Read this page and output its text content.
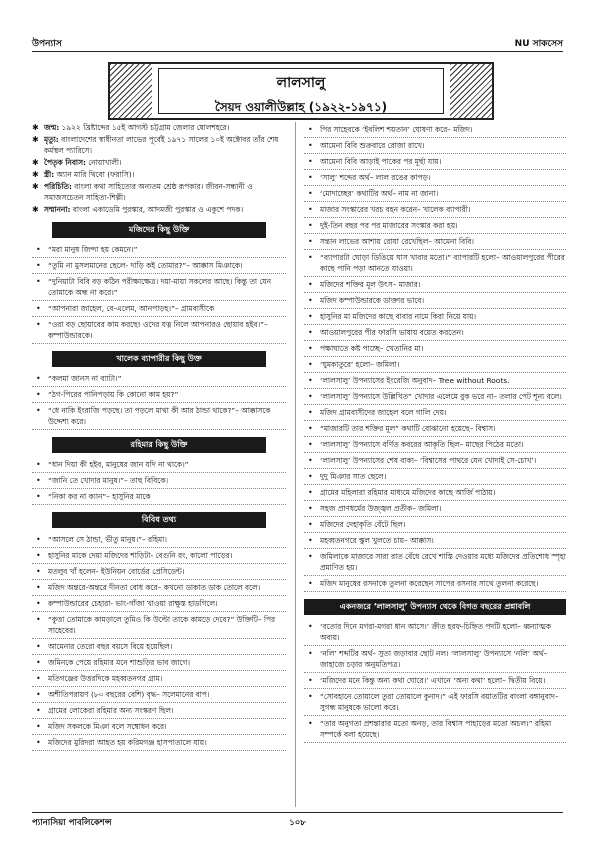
উপন্যাস	NU সাকসেস
লালসালু
সৈয়দ ওয়ালীউল্লাহ (১৯২২-১৯৭১)
✱ জন্ম: ১৯২২ খ্রিষ্টাব্দের ১৫ই আগস্ট চট্টগ্রাম জেলার ষোলশহরে।
✱ মৃত্যু: বাংলাদেশের স্বাধীনতা লাভের পূর্বেই ১৯৭১ সালের ১০ই অক্টোবর তাঁর শেষ কর্মস্থল প্যারিসে।
✱ পৈতৃক নিবাস: নোয়াখালী।
✱ স্ত্রী: অ্যান মারি থিবো (ফরাসি)।
✱ পরিচিতি: বাংলা কথা সাহিত্যের অন্যতম শ্রেষ্ঠ রূপকার। জীবন-সন্ধানী ও সমাজসচেতন সাহিত্য-শিল্পী।
✱ সম্মাননা: বাংলা একাডেমি পুরস্কার, আদমজী পুরস্কার ও একুশে পদক।
মজিদের কিছু উক্তি
• “মরা মানুষ জিন্দা হয় কেমনে।”
• “তুমি না মুসলমানের ছেলে- দাড়ি কই তোমার?”– আক্কাস মিঞাকে।
• “দুনিয়াটা বিবি বড় কঠিন পরীক্ষাক্ষেত্র। দয়া-মায়া সকলের আছে। কিন্তু তা যেন তোমাকে অন্ধ না করে।”
• “আপনারা জাহেল, বে-এলেম, আনপাড়হ।”– গ্রামবাসীকে
• “ওরা বড় ছোয়াবের কাম করছে! ওদের যত্ন নিলে আপনারও ছোয়াব হইব।”– কম্পাউন্ডারকে।
খালেক ব্যাপারীর কিছু উক্ত
• “কলমা জানস না ব্যাটা।”
• “ঠগ-পিরের পানিপড়ায় কি কোনো কাম হয়?”
• “ধে নাকি ইংরাজি পড়ছে। তা পড়লে মাথা কী আর ঠান্ডা থাকে?”– আক্কাসকে উদ্দেশ্য করে।
রহিমার কিছু উক্তি
• “ধান দিয়া কী হইব, মানুষের জান যদি না থাকে।”
• “জানি তে খোদার মানুষ।”– তাহু বিবিকে।
• “নিকা কর না ক্যান”– হাসুনির মাকে
বিবিধ তথ্য
• “আসলে সে ঠান্ডা, ভীতু মানুষ।”– রহিমা।
• হাসুনির মাকে দেয়া মজিদের শাড়িটা- বেগুনি রং, কালো পাড়ের।
• মতলুব খাঁ হলেন- ইউনিয়ন বোর্ডের প্রেসিডেন্ট।
• মজিদ অন্তরে-অন্তরে দীনতা বোধ করে– কখনো ডাকাত ডাক তোলে বলে।
• কম্পাউন্ডারের চেহারা- ভাং-গাঁজা খাওয়া রাক্ষুস্ত হাডগিলে।
• “কুত্তা তোমাকে কামড়ালে তুমিও কি উল্টো তাকে কামড়ে দেবে?” উক্তিটি– পির সাহেবের।
• আমেনার তেরো বছর বয়সে বিয়ে হয়েছিল।
• জমিনকে পেয়ে রহিমার মনে শাশুড়ির ভাব জাগে।
• মতিগঞ্জের উত্তরদিকে মহব্বতনগর গ্রাম।
• অশীতিপরায়ণ (৮০ বছরের বেশি) বৃদ্ধ– সলেমানের বাপ।
• গ্রামের লোকেরা রহিমার অন্য সংস্করণ ছিল।
• মজিদ সকলকে মিঞা বলে সম্বোধন করে।
• মজিদের মুরিদরা আহত হয় করিমগঞ্জ হাসপাতালে যায়।
• পির সাহেবকে ‘ইবলিশ শয়তান’ ঘোষণা করে– মজিদ।
• আমেনা বিবি শুক্রবারে রোজা রাখে।
• আমেনা বিবি আড়াই পাকের পর মূর্ছা যায়।
• ‘সালু’ শব্দের অর্থ– লাল রঙের কাপড়।
• ‘মোদাচ্ছের’ কথাটির অর্থ– নাম না জানা।
• মাজার সংস্কারের খরচ বহন করেন– খালেক ব্যাপারী।
• দুই-তিন বছর পর পর মাজারের সংস্কার করা হয়।
• সন্তান লাভের আশায় রোযা রেখেছিল– আমেনা বিবি।
• “ব্যাপারটা ঘোড়া ডিঙিয়ে ঘাস খাবার মতো।” ব্যাপারটি হলো– আওয়ালপুরের পীরের কাছে পানি পড়া আনতে যাওয়া।
• মজিদের শক্তির মূল উৎস– মাজার।
• মজিদ কম্পাউন্ডারকে ডাক্তার ভাবে।
• হাসুনির মা মজিদের কাছে বাবার নামে কিরা নিয়ে যায়।
• আওয়ালপুরের পীর ফারসি ভাষায় বয়েত করতেন।
• পক্ষাঘাতে কষ্ট পাচ্ছে– খেতানির মা।
• ‘ঘুমকাতুরে’ হলো– জমিলা।
• ‘লালসালু’ উপন্যাসের ইংরেজি অনুবাদ– Tree without Roots.
• ‘লালসালু’ উপন্যাসে উল্লিখিত” খোদার এলেমে বুক ভরে না– তলার পেট শূন্য বলে।
• মজিদ গ্রামবাসীদের জাহেল বলে গালি দেয়।
• “মাজারটি তার শক্তির মূল” কথাটি বোঝানো হয়েছে– বিশ্বাস।
• ‘লালসালু’ উপন্যাসে বর্ণিত কবরের আকৃতি ছিল– মাছের পিঠের মতো।
• ‘লালসালু’ উপন্যাসের শেষ বাক্য– ‘বিশ্বাসের পাথরে যেন খোদাই সে-চোখ’।
• দুদু মিঞার সাত ছেলে।
• গ্রামের মহিলারা রহিমার মাধ্যমে মজিদের কাছে আর্জি পাঠায়।
• সহজ প্রাণধর্মের উজ্জ্বল প্রতীক– জমিলা।
• মজিদের দেহাকৃতি বেঁটে ছিল।
• মহব্বতনগরে স্কুল খুলতে চায়– আক্কাস।
• জমিলাকে মাজারে সারা রাত বেঁধে রেখে শাস্তি দেওয়ার মধ্যে মজিদের প্রতিশোধ স্পৃহা প্রমাণিত হয়।
• মজিদ মানুষের রসনাকে তুলনা করেছেন সাপের রসনার সাথে তুলনা করেছে।
একনজরে ‘লালসালু’ উপন্যাস থেকে বিগত বছরের প্রশ্নাবলি
• ‘বতোর দিনে মগরা-মগরা ধান আসে।’ ক্রীত হরফ-চিহ্নিত পদটি হলো– ধ্বন্যাত্মক অব্যয়।
• ‘নলি’ শব্দটির অর্থ– সুতা জড়াবার ছোট নল। ‘লালসালু’ উপন্যাসে ‘নলি’ অর্থ– জাহাজে চড়ার অনুমতিপত্র।
• ‘মজিদের মনে কিন্তু অন্য কথা ঘোরে।’ এখানে ‘অন্য কথা’ হলো– দ্বিতীয় বিয়ে।
• “সোবহানে তোয়ালে তুরা তোয়ালে কুনাদ।” এই ফারসি বয়াতটির বাংলা বঙ্গানুবাদ– সুগন্ধ মানুষকে ভালো করে।
• “তার অনুগতা প্রশন্তারার মতো অনড়, তার বিশ্বাস পাহাড়ের মতো অচল।” রহিমা সম্পর্কে বলা হয়েছে।
প্যানাসিয়া পাবলিকেশন্স	১০৮
